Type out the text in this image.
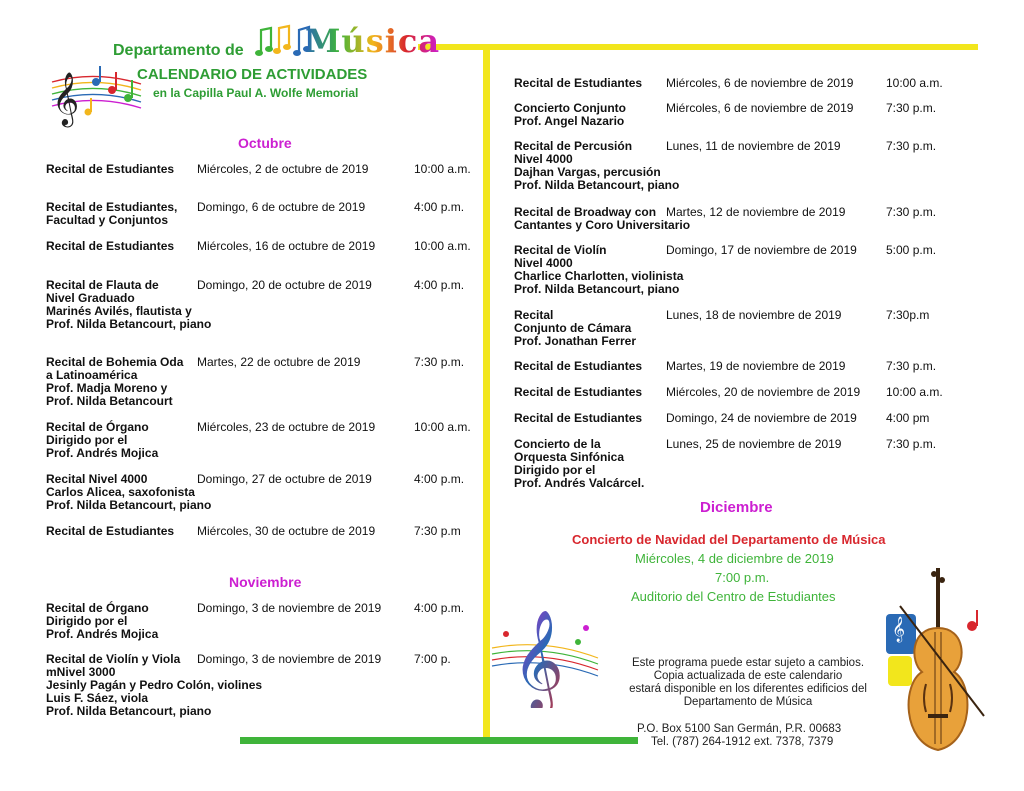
Departamento de Música
CALENDARIO DE ACTIVIDADES
en la Capilla Paul A. Wolfe Memorial
𝄞
Octubre
Recital de Estudiantes Miércoles, 2 de octubre de 2019	10:00 a.m.
Recital de Estudiantes,
Facultad y Conjuntos
Domingo, 6 de octubre de 2019	4:00 p.m.
Recital de Estudiantes Miércoles, 16 de octubre de 2019	10:00 a.m.
Recital de Flauta de
Nivel Graduado
Marinés Avilés, flautista y
Prof. Nilda Betancourt, piano
Domingo, 20 de octubre de 2019	4:00 p.m.
Recital de Bohemia Oda
a Latinoamérica
Prof. Madja Moreno y
Prof. Nilda Betancourt
Martes, 22 de octubre de 2019	7:30 p.m.
Recital de Órgano
Dirigido por el
Prof. Andrés Mojica
Miércoles, 23 de octubre de 2019	10:00 a.m.
Recital Nivel 4000
Carlos Alicea, saxofonista
Prof. Nilda Betancourt, piano
Domingo, 27 de octubre de 2019	4:00 p.m.
Recital de Estudiantes Miércoles, 30 de octubre de 2019	7:30 p.m
Noviembre
Recital de Órgano
Dirigido por el
Prof. Andrés Mojica
Domingo, 3 de noviembre de 2019	4:00 p.m.
Recital de Violín y Viola
mNivel 3000
Jesinly Pagán y Pedro Colón, violines
Luis F. Sáez, viola
Prof. Nilda Betancourt, piano
Domingo, 3 de noviembre de 2019	7:00 p.
Recital de Estudiantes Miércoles, 6 de noviembre de 2019	10:00 a.m.
Concierto Conjunto
Prof. Angel Nazario
Miércoles, 6 de noviembre de 2019	7:30 p.m.
Recital de Percusión
Nivel 4000
Dajhan Vargas, percusión
Prof. Nilda Betancourt, piano
Lunes, 11 de noviembre de 2019	7:30 p.m.
Recital de Broadway con
Cantantes y Coro Universitario
Martes, 12 de noviembre de 2019	7:30 p.m.
Recital de Violín
Nivel 4000
Charlice Charlotten, violinista
Prof. Nilda Betancourt, piano
Domingo, 17 de noviembre de 2019 5:00 p.m.
Recital
Conjunto de Cámara
Prof. Jonathan Ferrer
Lunes, 18 de noviembre de 2019	7:30p.m
Recital de Estudiantes Martes, 19 de noviembre de 2019	7:30 p.m.
Recital de Estudiantes Miércoles, 20 de noviembre de 2019 10:00 a.m.
Recital de Estudiantes Domingo, 24 de noviembre de 2019 4:00 pm
Concierto de la
Orquesta Sinfónica
Dirigido por el
Prof. Andrés Valcárcel.
Lunes, 25 de noviembre de 2019	7:30 p.m.
Diciembre
Concierto de Navidad del Departamento de Música
Miércoles, 4 de diciembre de 2019
7:00 p.m.
Auditorio del Centro de Estudiantes
𝄞	Este programa puede estar sujeto a cambios.
Copia actualizada de este calendario
estará disponible en los diferentes edificios del
Departamento de Música
P.O. Box 5100 San Germán, P.R. 00683
Tel. (787) 264-1912 ext. 7378, 7379
𝄞
